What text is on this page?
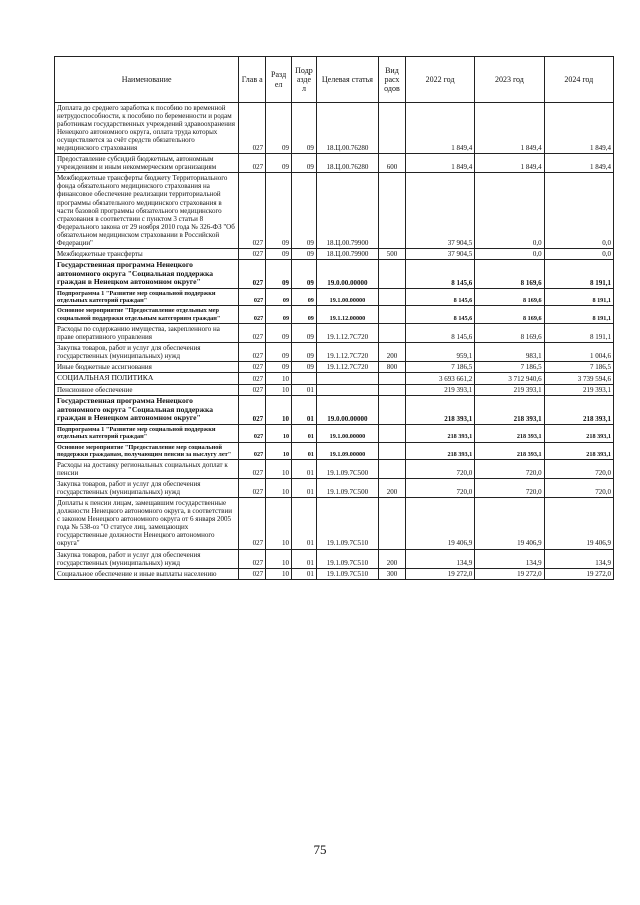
Наименование	Глав а	Разд ел	Подр азде л	Целевая статья	Вид расх одов	2022 год	2023 год	2024 год
Доплата до среднего заработка к пособию по временной нетрудоспособности, к пособию по беременности и родам работникам государственных учреждений здравоохранения Ненецкого автономного округа, оплата труда которых осуществляется за счёт средств обязательного медицинского страхования	027	09	09	18.Ц.00.76280		1 849,4	1 849,4	1 849,4
Предоставление субсидий бюджетным, автономным учреждениям и иным некоммерческим организациям	027	09	09	18.Ц.00.76280	600	1 849,4	1 849,4	1 849,4
Межбюджетные трансферты бюджету Территориального фонда обязательного медицинского страхования на финансовое обеспечение реализации территориальной программы обязательного медицинского страхования в части базовой программы обязательного медицинского страхования в соответствии с пунктом 3 статьи 8 Федерального закона от 29 ноября 2010 года № 326-ФЗ "Об обязательном медицинском страховании в Российской Федерации"	027	09	09	18.Ц.00.79900		37 904,5	0,0	0,0
Межбюджетные трансферты	027	09	09	18.Ц.00.79900	500	37 904,5	0,0	0,0
Государственная программа Ненецкого автономного округа "Социальная поддержка граждан в Ненецком автономном округе"	027	09	09	19.0.00.00000		8 145,6	8 169,6	8 191,1
Подпрограмма 1 "Развитие мер социальной поддержки отдельных категорий граждан"	027	09	09	19.1.00.00000		8 145,6	8 169,6	8 191,1
Основное мероприятие "Предоставление отдельных мер социальной поддержки отдельным категориям граждан"	027	09	09	19.1.12.00000		8 145,6	8 169,6	8 191,1
Расходы по содержанию имущества, закрепленного на праве оперативного управления	027	09	09	19.1.12.7С720		8 145,6	8 169,6	8 191,1
Закупка товаров, работ и услуг для обеспечения государственных (муниципальных) нужд	027	09	09	19.1.12.7С720	200	959,1	983,1	1 004,6
Иные бюджетные ассигнования	027	09	09	19.1.12.7С720	800	7 186,5	7 186,5	7 186,5
СОЦИАЛЬНАЯ ПОЛИТИКА	027	10				3 693 661,2	3 712 940,6	3 739 594,6
Пенсионное обеспечение	027	10	01			219 393,1	219 393,1	219 393,1
Государственная программа Ненецкого автономного округа "Социальная поддержка граждан в Ненецком автономном округе"	027	10	01	19.0.00.00000		218 393,1	218 393,1	218 393,1
Подпрограмма 1 "Развитие мер социальной поддержки отдельных категорий граждан"	027	10	01	19.1.00.00000		218 393,1	218 393,1	218 393,1
Основное мероприятие "Предоставление мер социальной поддержки гражданам, получающим пенсии за выслугу лет"	027	10	01	19.1.09.00000		218 393,1	218 393,1	218 393,1
Расходы на доставку региональных социальных доплат к пенсии	027	10	01	19.1.09.7С500		720,0	720,0	720,0
Закупка товаров, работ и услуг для обеспечения государственных (муниципальных) нужд	027	10	01	19.1.09.7С500	200	720,0	720,0	720,0
Доплаты к пенсии лицам, замещавшим государственные должности Ненецкого автономного округа, в соответствии с законом Ненецкого автономного округа от 6 января 2005 года № 538-оз "О статусе лиц, замещающих государственные должности Ненецкого автономного округа"	027	10	01	19.1.09.7С510		19 406,9	19 406,9	19 406,9
Закупка товаров, работ и услуг для обеспечения государственных (муниципальных) нужд	027	10	01	19.1.09.7С510	200	134,9	134,9	134,9
Социальное обеспечение и иные выплаты населению	027	10	01	19.1.09.7С510	300	19 272,0	19 272,0	19 272,0
75
